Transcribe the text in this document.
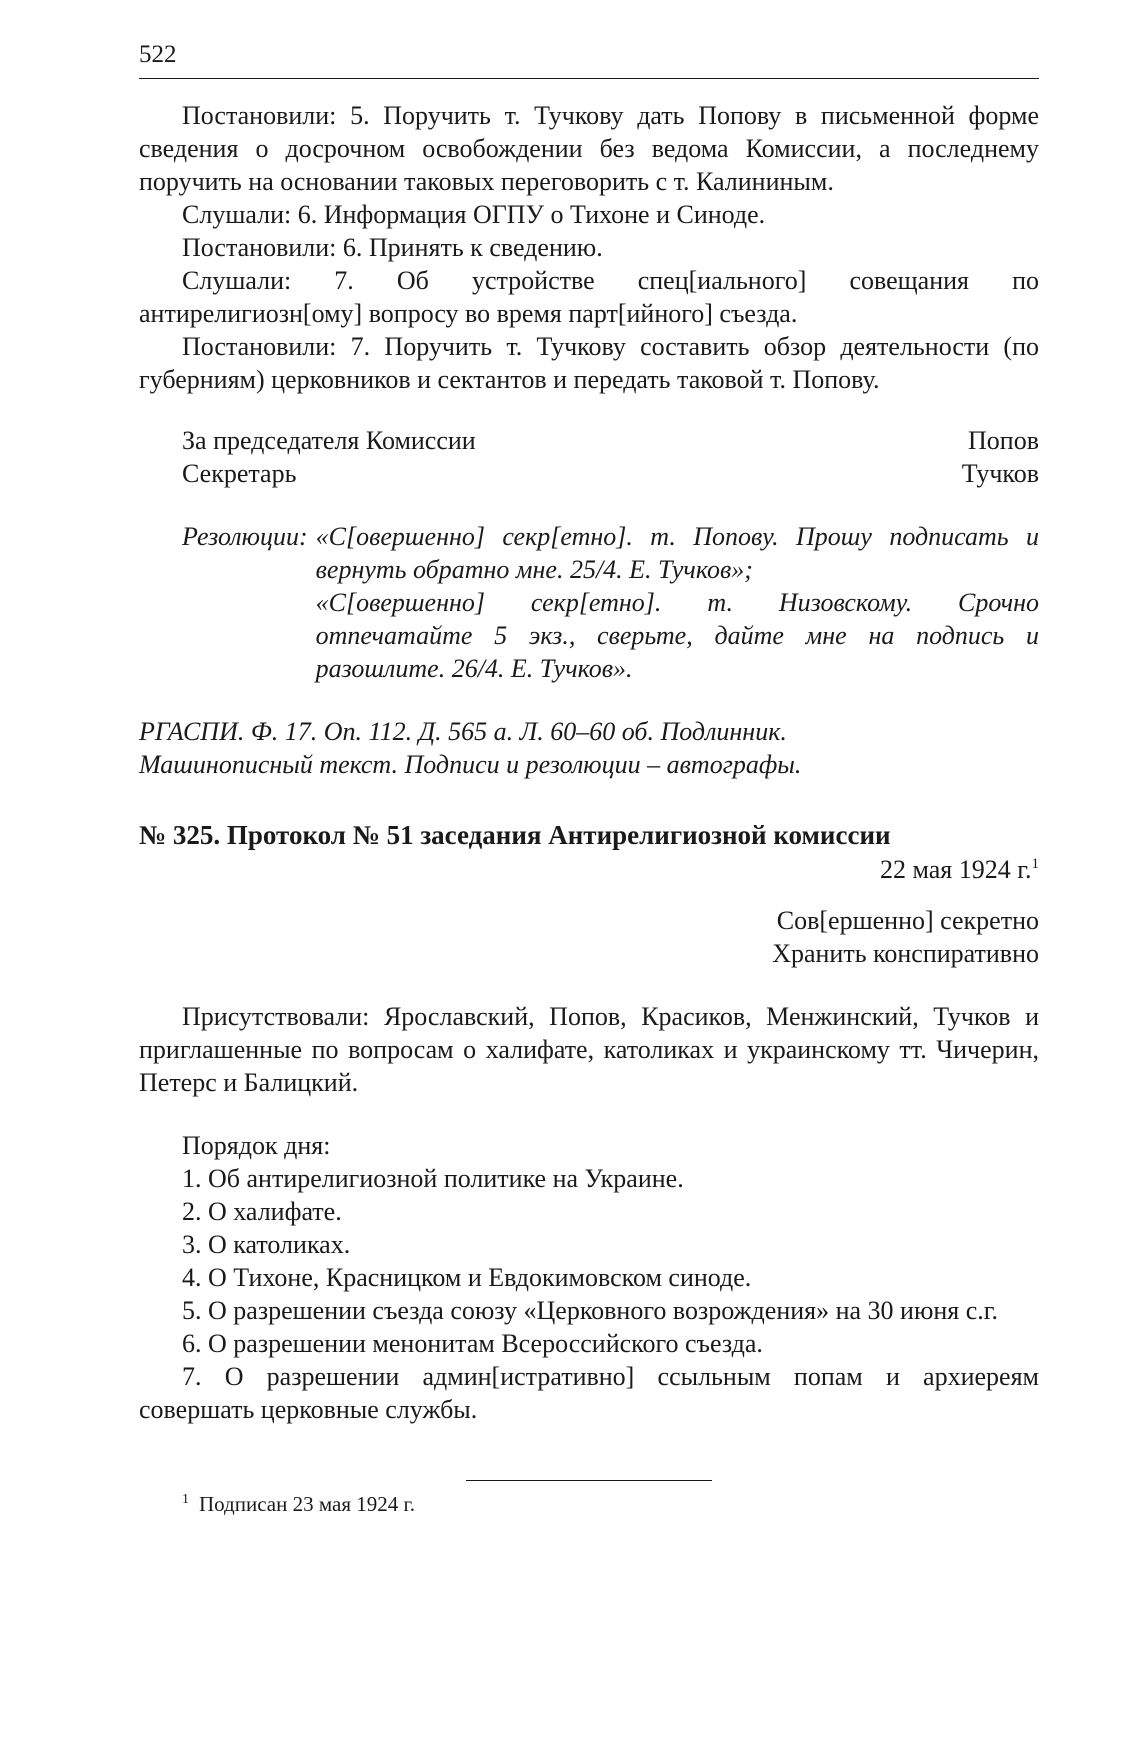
522

Постановили: 5. Поручить т. Тучкову дать Попову в письменной форме сведения о досрочном освобождении без ведома Комиссии, а последнему поручить на основании таковых переговорить с т. Калининым.

Слушали: 6. Информация ОГПУ о Тихоне и Синоде.

Постановили: 6. Принять к сведению.

Слушали: 7. Об устройстве спец[иального] совещания по антирелигиозн[ому] вопросу во время парт[ийного] съезда.

Постановили: 7. Поручить т. Тучкову составить обзор деятельности (по губерниям) церковников и сектантов и передать таковой т. Попову.

За председателя Комиссии	Попов
Секретарь	Тучков
Резолюции: «С[овершенно] секр[етно]. т. Попову. Прошу подписать и вернуть обратно мне. 25/4. Е. Тучков»;

«С[овершенно] секр[етно]. т. Низовскому. Срочно отпечатайте 5 экз., сверьте, дайте мне на подпись и разошлите. 26/4. Е. Тучков».

РГАСПИ. Ф. 17. Оп. 112. Д. 565 а. Л. 60–60 об. Подлинник.

Машинописный текст. Подписи и резолюции – автографы.

№ 325. Протокол № 51 заседания Антирелигиозной комиссии
22 мая 1924 г.$^1$
Сов[ершенно] секретно
Хранить конспиративно

Присутствовали: Ярославский, Попов, Красиков, Менжинский, Тучков и приглашенные по вопросам о халифате, католиках и украинскому тт. Чичерин, Петерс и Балицкий.

Порядок дня:

1. Об антирелигиозной политике на Украине.

2. О халифате.

3. О католиках.

4. О Тихоне, Красницком и Евдокимовском синоде.

5. О разрешении съезда союзу «Церковного возрождения» на 30 июня с.г.

6. О разрешении менонитам Всероссийского съезда.

7. О разрешении админ[истративно] ссыльным попам и архиереям совершать церковные службы.

$^1$ Подписан 23 мая 1924 г.
